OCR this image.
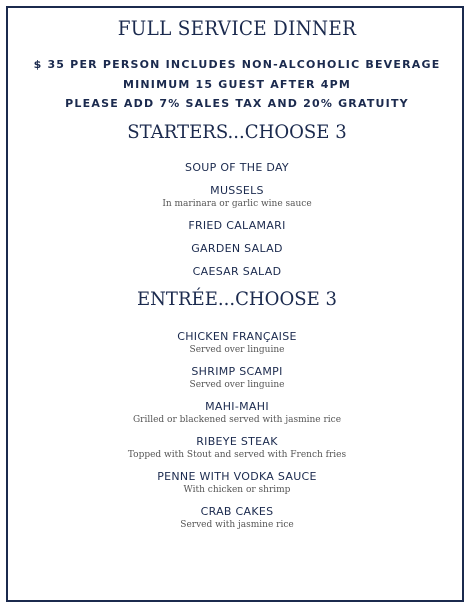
FULL SERVICE DINNER
$ 35 PER PERSON INCLUDES NON-ALCOHOLIC BEVERAGE
MINIMUM 15 GUEST AFTER 4PM
PLEASE ADD 7% SALES TAX AND 20% GRATUITY
STARTERS...CHOOSE 3
SOUP OF THE DAY
MUSSELS
In marinara or garlic wine sauce
FRIED CALAMARI
GARDEN SALAD
CAESAR SALAD
ENTRÉE...CHOOSE 3
CHICKEN FRANÇAISE
Served over linguine
SHRIMP SCAMPI
Served over linguine
MAHI-MAHI
Grilled or blackened served with jasmine rice
RIBEYE STEAK
Topped with Stout and served with French fries
PENNE WITH VODKA SAUCE
With chicken or shrimp
CRAB CAKES
Served with jasmine rice
